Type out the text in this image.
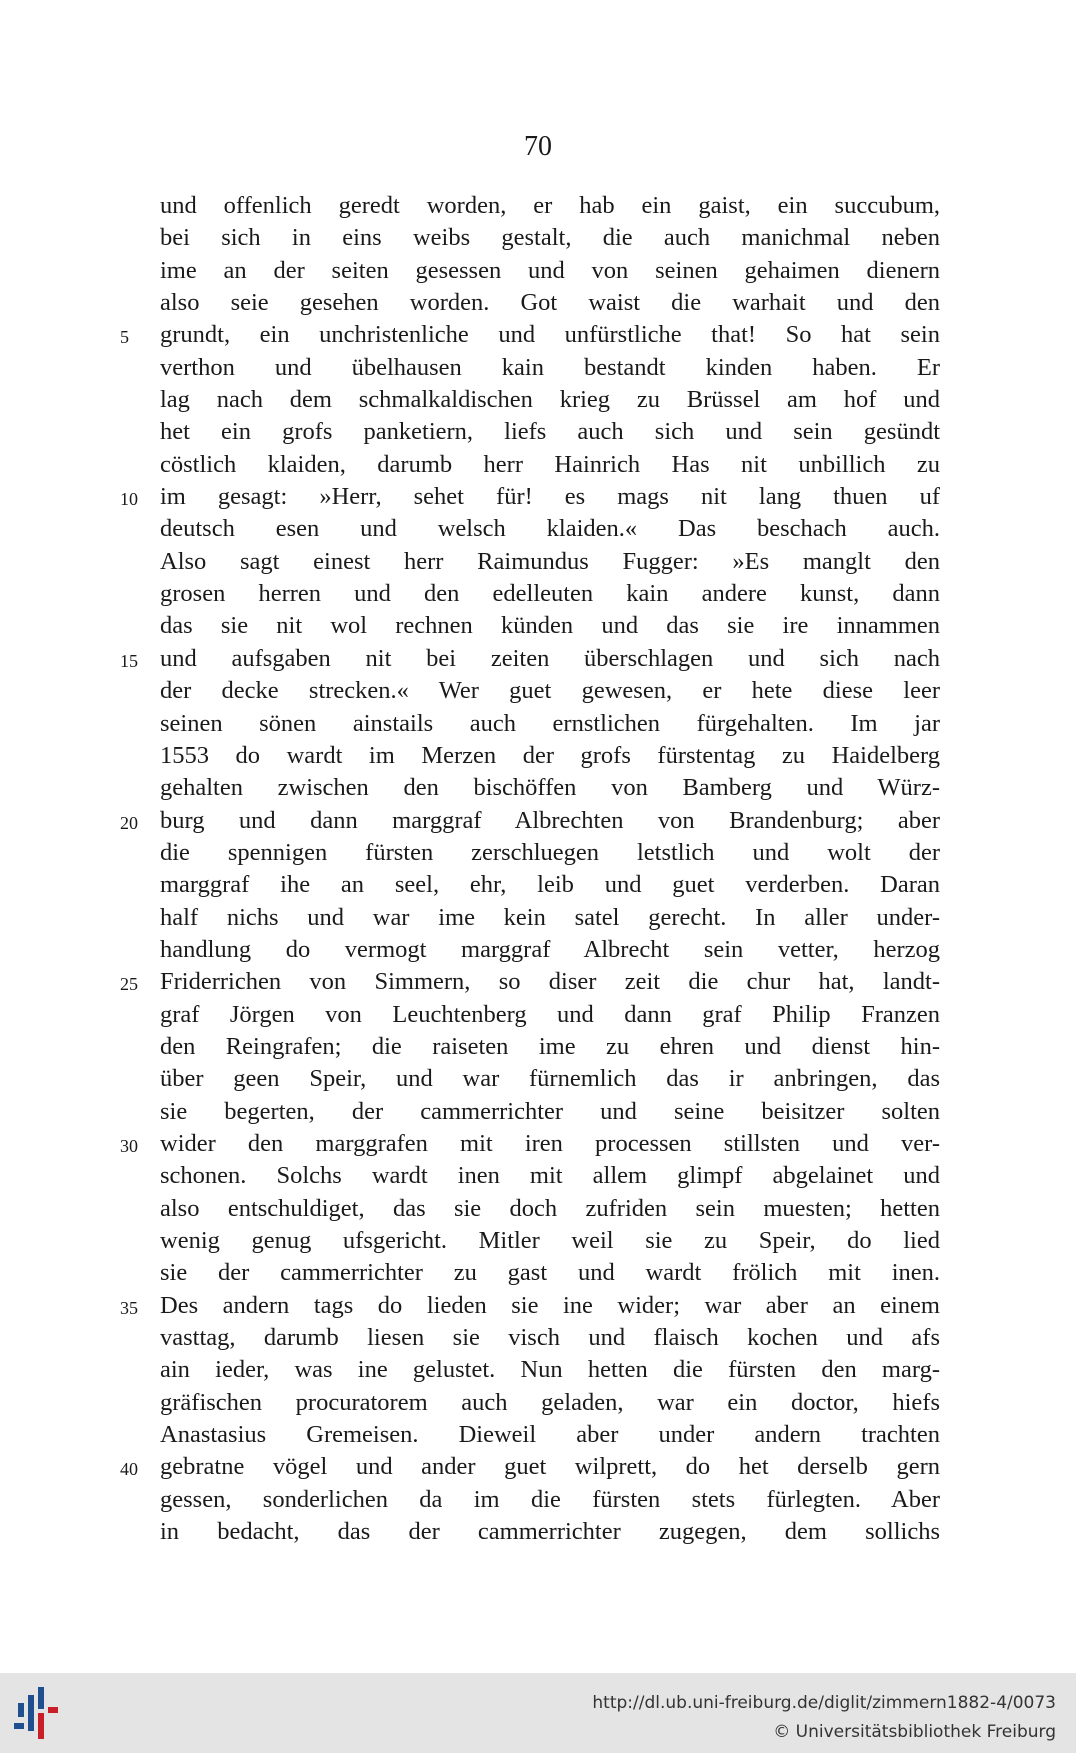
70
und offenlich geredt worden, er hab ein gaist, ein succubum,
bei sich in eins weibs gestalt, die auch manichmal neben
ime an der seiten gesessen und von seinen gehaimen dienern
also seie gesehen worden. Got waist die warhait und den
grundt, ein unchristenliche und unfürstliche that! So hat sein
5
verthon und übelhausen kain bestandt kinden haben. Er
lag nach dem schmalkaldischen krieg zu Brüssel am hof und
het ein grofs panketiern, liefs auch sich und sein gesündt
cöstlich klaiden, darumb herr Hainrich Has nit unbillich zu
im gesagt: »Herr, sehet für! es mags nit lang thuen uf
10
deutsch esen und welsch klaiden.« Das beschach auch.
Also sagt einest herr Raimundus Fugger: »Es manglt den
grosen herren und den edelleuten kain andere kunst, dann
das sie nit wol rechnen künden und das sie ire innammen
und aufsgaben nit bei zeiten überschlagen und sich nach
15
der decke strecken.« Wer guet gewesen, er hete diese leer
seinen sönen ainstails auch ernstlichen fürgehalten. Im jar
1553 do wardt im Merzen der grofs fürstentag zu Haidelberg
gehalten zwischen den bischöffen von Bamberg und Würz-
burg und dann marggraf Albrechten von Brandenburg; aber
20
die spennigen fürsten zerschluegen letstlich und wolt der
marggraf ihe an seel, ehr, leib und guet verderben. Daran
half nichs und war ime kein satel gerecht. In aller under-
handlung do vermogt marggraf Albrecht sein vetter, herzog
Friderrichen von Simmern, so diser zeit die chur hat, landt-
25
graf Jörgen von Leuchtenberg und dann graf Philip Franzen
den Reingrafen; die raiseten ime zu ehren und dienst hin-
über geen Speir, und war fürnemlich das ir anbringen, das
sie begerten, der cammerrichter und seine beisitzer solten
wider den marggrafen mit iren processen stillsten und ver-
30
schonen. Solchs wardt inen mit allem glimpf abgelainet und
also entschuldiget, das sie doch zufriden sein muesten; hetten
wenig genug ufsgericht. Mitler weil sie zu Speir, do lied
sie der cammerrichter zu gast und wardt frölich mit inen.
Des andern tags do lieden sie ine wider; war aber an einem
35
vasttag, darumb liesen sie visch und flaisch kochen und afs
ain ieder, was ine gelustet. Nun hetten die fürsten den marg-
gräfischen procuratorem auch geladen, war ein doctor, hiefs
Anastasius Gremeisen. Dieweil aber under andern trachten
gebratne vögel und ander guet wilprett, do het derselb gern
40
gessen, sonderlichen da im die fürsten stets fürlegten. Aber
in bedacht, das der cammerrichter zugegen, dem sollichs
http://dl.ub.uni-freiburg.de/diglit/zimmern1882-4/0073
© Universitätsbibliothek Freiburg
